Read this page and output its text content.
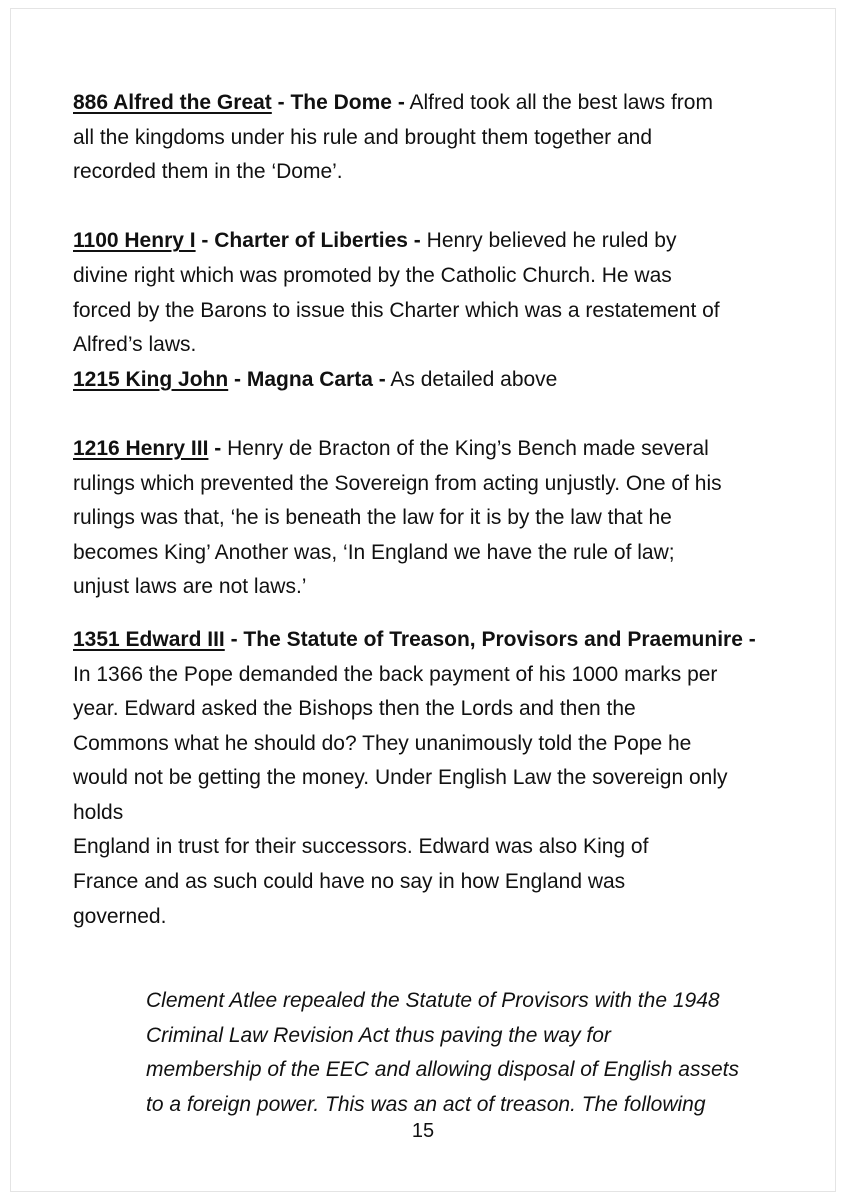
886 Alfred the Great - The Dome - Alfred took all the best laws from
all the kingdoms under his rule and brought them together and
recorded them in the ‘Dome’.
1100 Henry I - Charter of Liberties - Henry believed he ruled by
divine right which was promoted by the Catholic Church. He was
forced by the Barons to issue this Charter which was a restatement of
Alfred’s laws.
1215 King John - Magna Carta - As detailed above
1216 Henry III - Henry de Bracton of the King’s Bench made several
rulings which prevented the Sovereign from acting unjustly. One of his
rulings was that, ‘he is beneath the law for it is by the law that he
becomes King’ Another was, ‘In England we have the rule of law;
unjust laws are not laws.’
1351 Edward III - The Statute of Treason, Provisors and Praemunire -
In 1366 the Pope demanded the back payment of his 1000 marks per
year. Edward asked the Bishops then the Lords and then the
Commons what he should do? They unanimously told the Pope he
would not be getting the money. Under English Law the sovereign only
holds
England in trust for their successors. Edward was also King of
France and as such could have no say in how England was
governed.
Clement Atlee repealed the Statute of Provisors with the 1948
Criminal Law Revision Act thus paving the way for
membership of the EEC and allowing disposal of English assets
to a foreign power. This was an act of treason. The following
15
